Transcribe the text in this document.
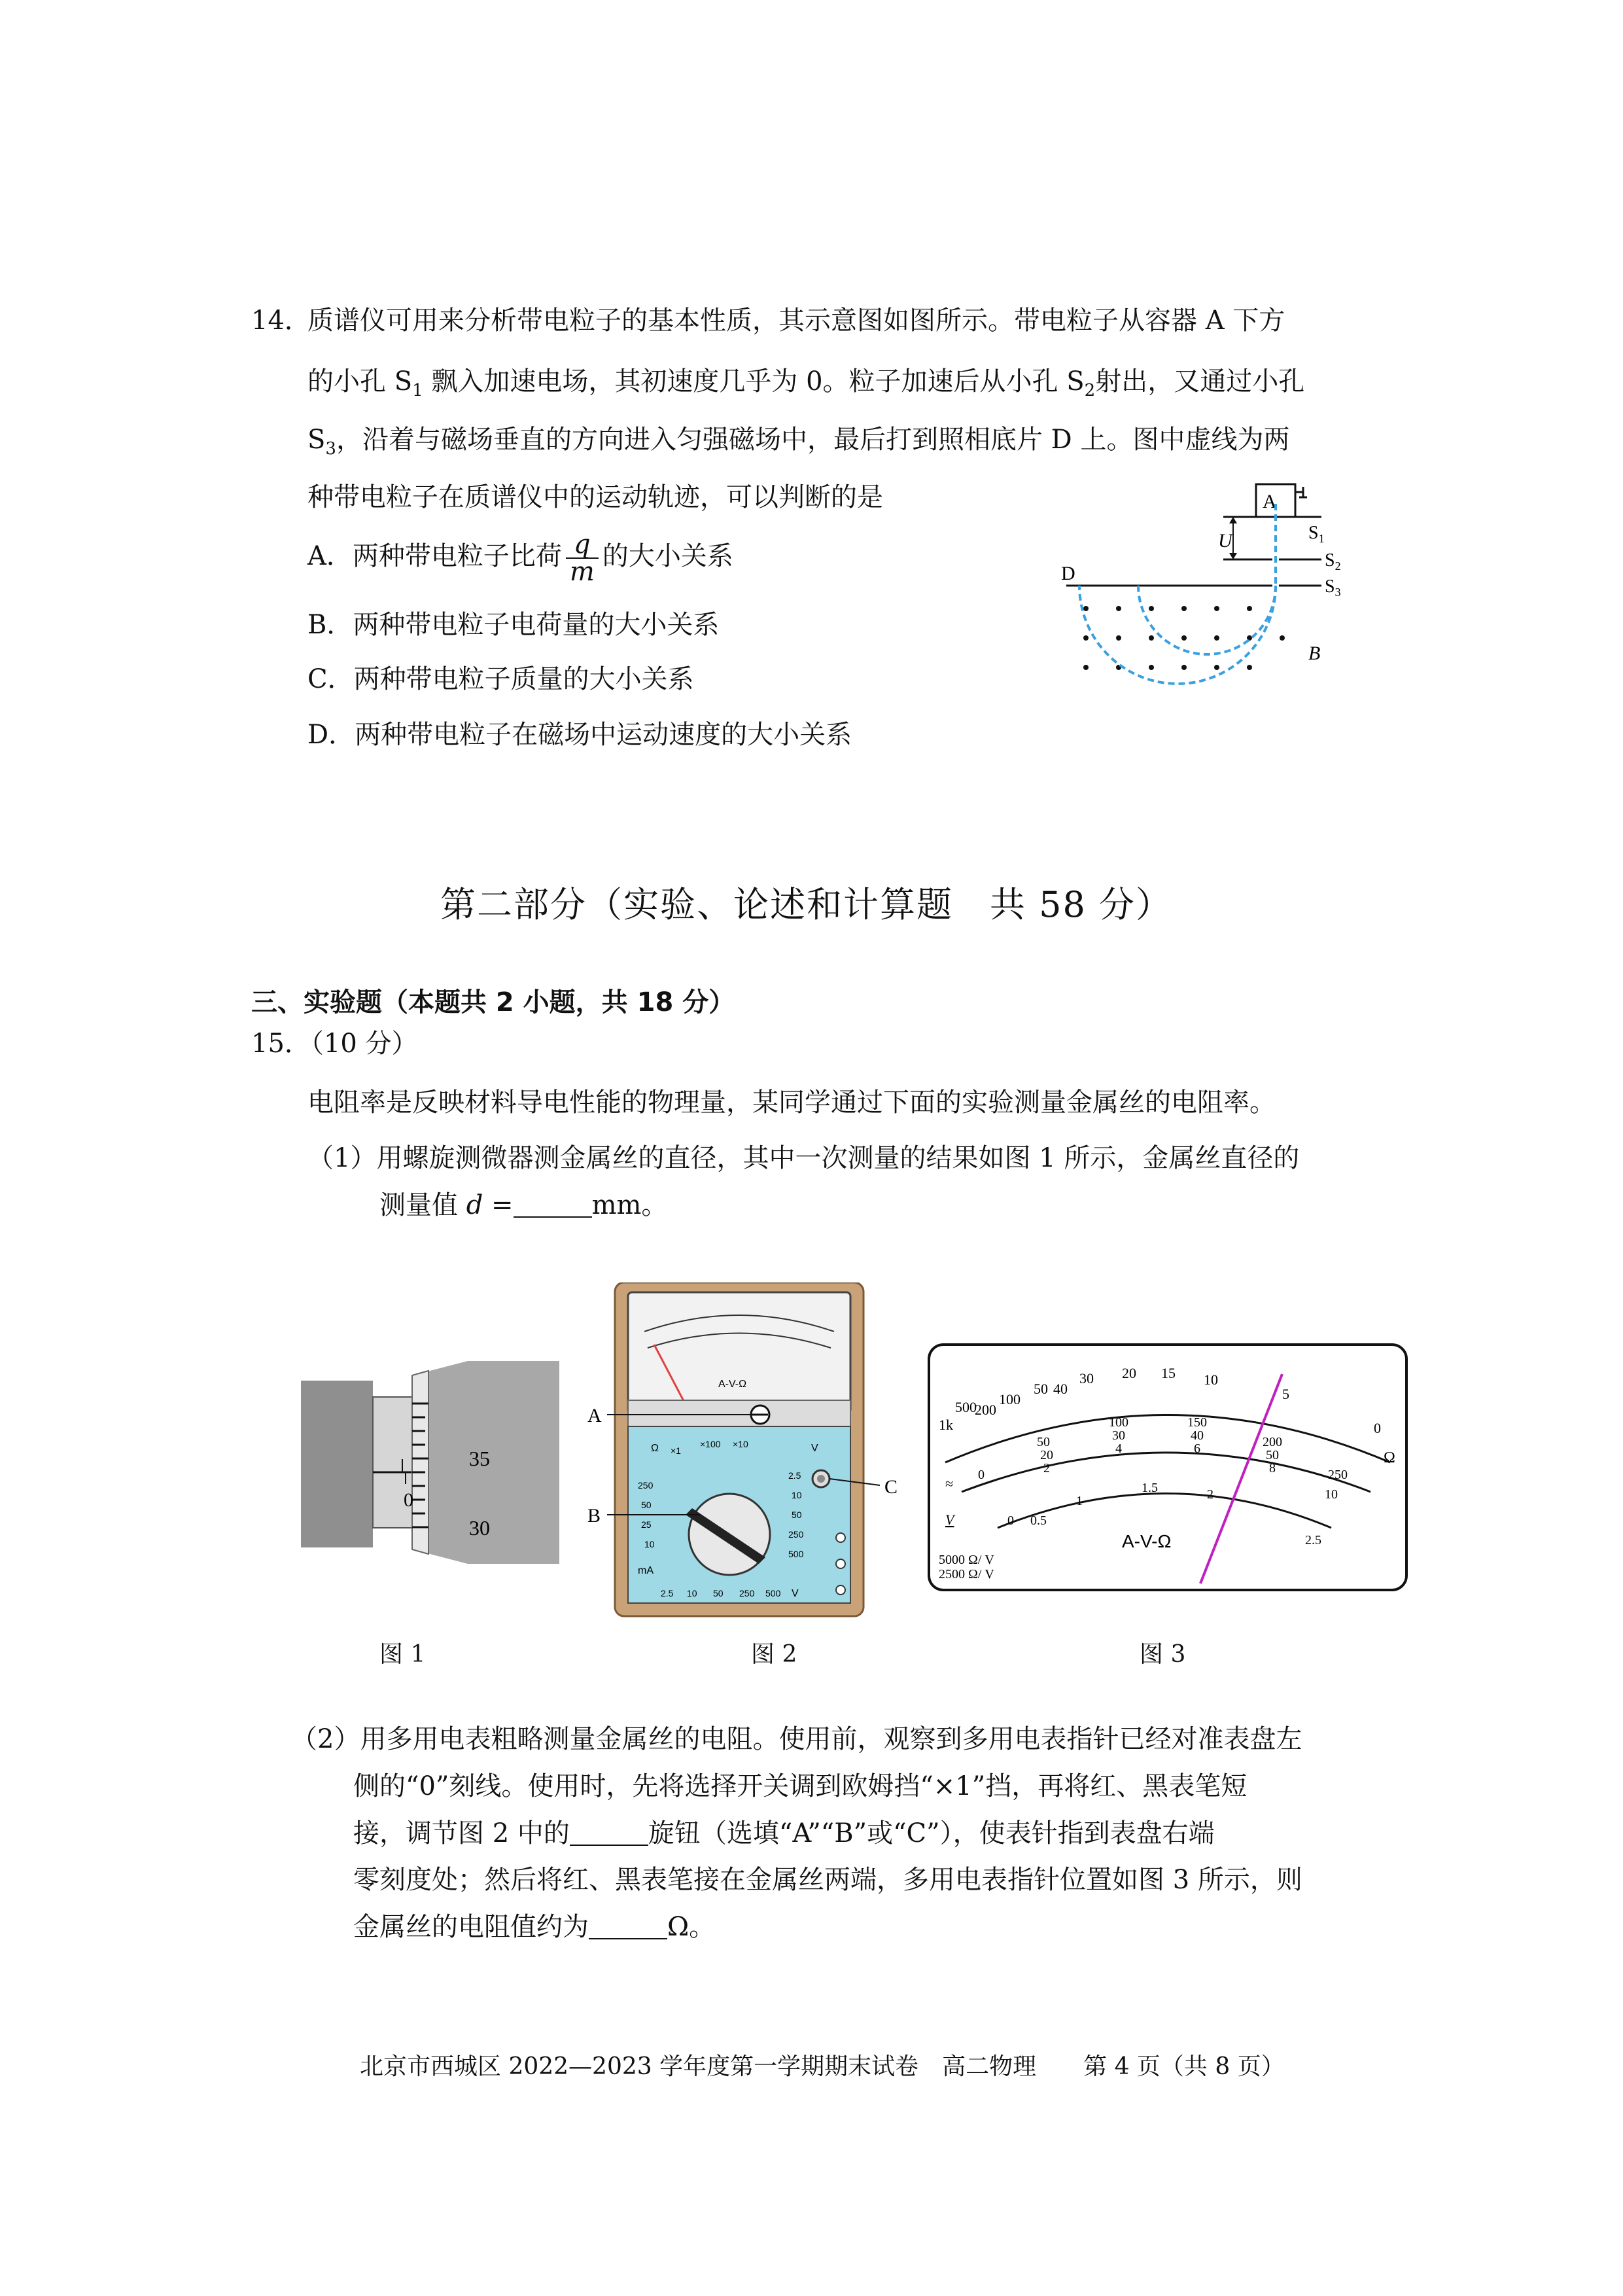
14．
质谱仪可用来分析带电粒子的基本性质，其示意图如图所示。带电粒子从容器 A 下方
的小孔 $S_1$ 飘入加速电场，其初速度几乎为 0。粒子加速后从小孔 $S_2$射出，又通过小孔
$S_3$，沿着与磁场垂直的方向进入匀强磁场中，最后打到照相底片 D 上。图中虚线为两
种带电粒子在质谱仪中的运动轨迹，可以判断的是
A．两种带电粒子比荷 $\frac{q}{m}$ 的大小关系
B．两种带电粒子电荷量的大小关系
C．两种带电粒子质量的大小关系
D．两种带电粒子在磁场中运动速度的大小关系
A
U	$S_1$
$S_2$
$S_3$
D
B
第二部分（实验、论述和计算题　共 58 分）
三、实验题（本题共 2 小题，共 18 分）
15．（10 分）
电阻率是反映材料导电性能的物理量，某同学通过下面的实验测量金属丝的电阻率。
（1）用螺旋测微器测金属丝的直径，其中一次测量的结果如图 1 所示，金属丝直径的
测量值 d =	mm。
35
30
0
图 1
A-V-Ω
Ω ×1
×100 ×10	V
250
50
25
10
mA
2.5
10
50
250
500
2.5 10 50 250 500 V
A
B
C
图 2
1k
500
200
100
50 40
30 20 15 10
5
0
Ω
≈
0
50
100	150
200
250
20
30	40
50
2
4	6
8
10
0 0.5
1
1.5	2
2.5
V
A-V-Ω
5000 Ω/ V
2500 Ω/ V
图 3
（2）用多用电表粗略测量金属丝的电阻。使用前，观察到多用电表指针已经对准表盘左
侧的“0”刻线。使用时，先将选择开关调到欧姆挡“×1”挡，再将红、黑表笔短
接，调节图 2 中的	旋钮（选填“A”“B”或“C”），使表针指到表盘右端
零刻度处；然后将红、黑表笔接在金属丝两端，多用电表指针位置如图 3 所示，则
金属丝的电阻值约为	Ω。
北京市西城区 2022—2023 学年度第一学期期末试卷　高二物理　　第 4 页（共 8 页）
